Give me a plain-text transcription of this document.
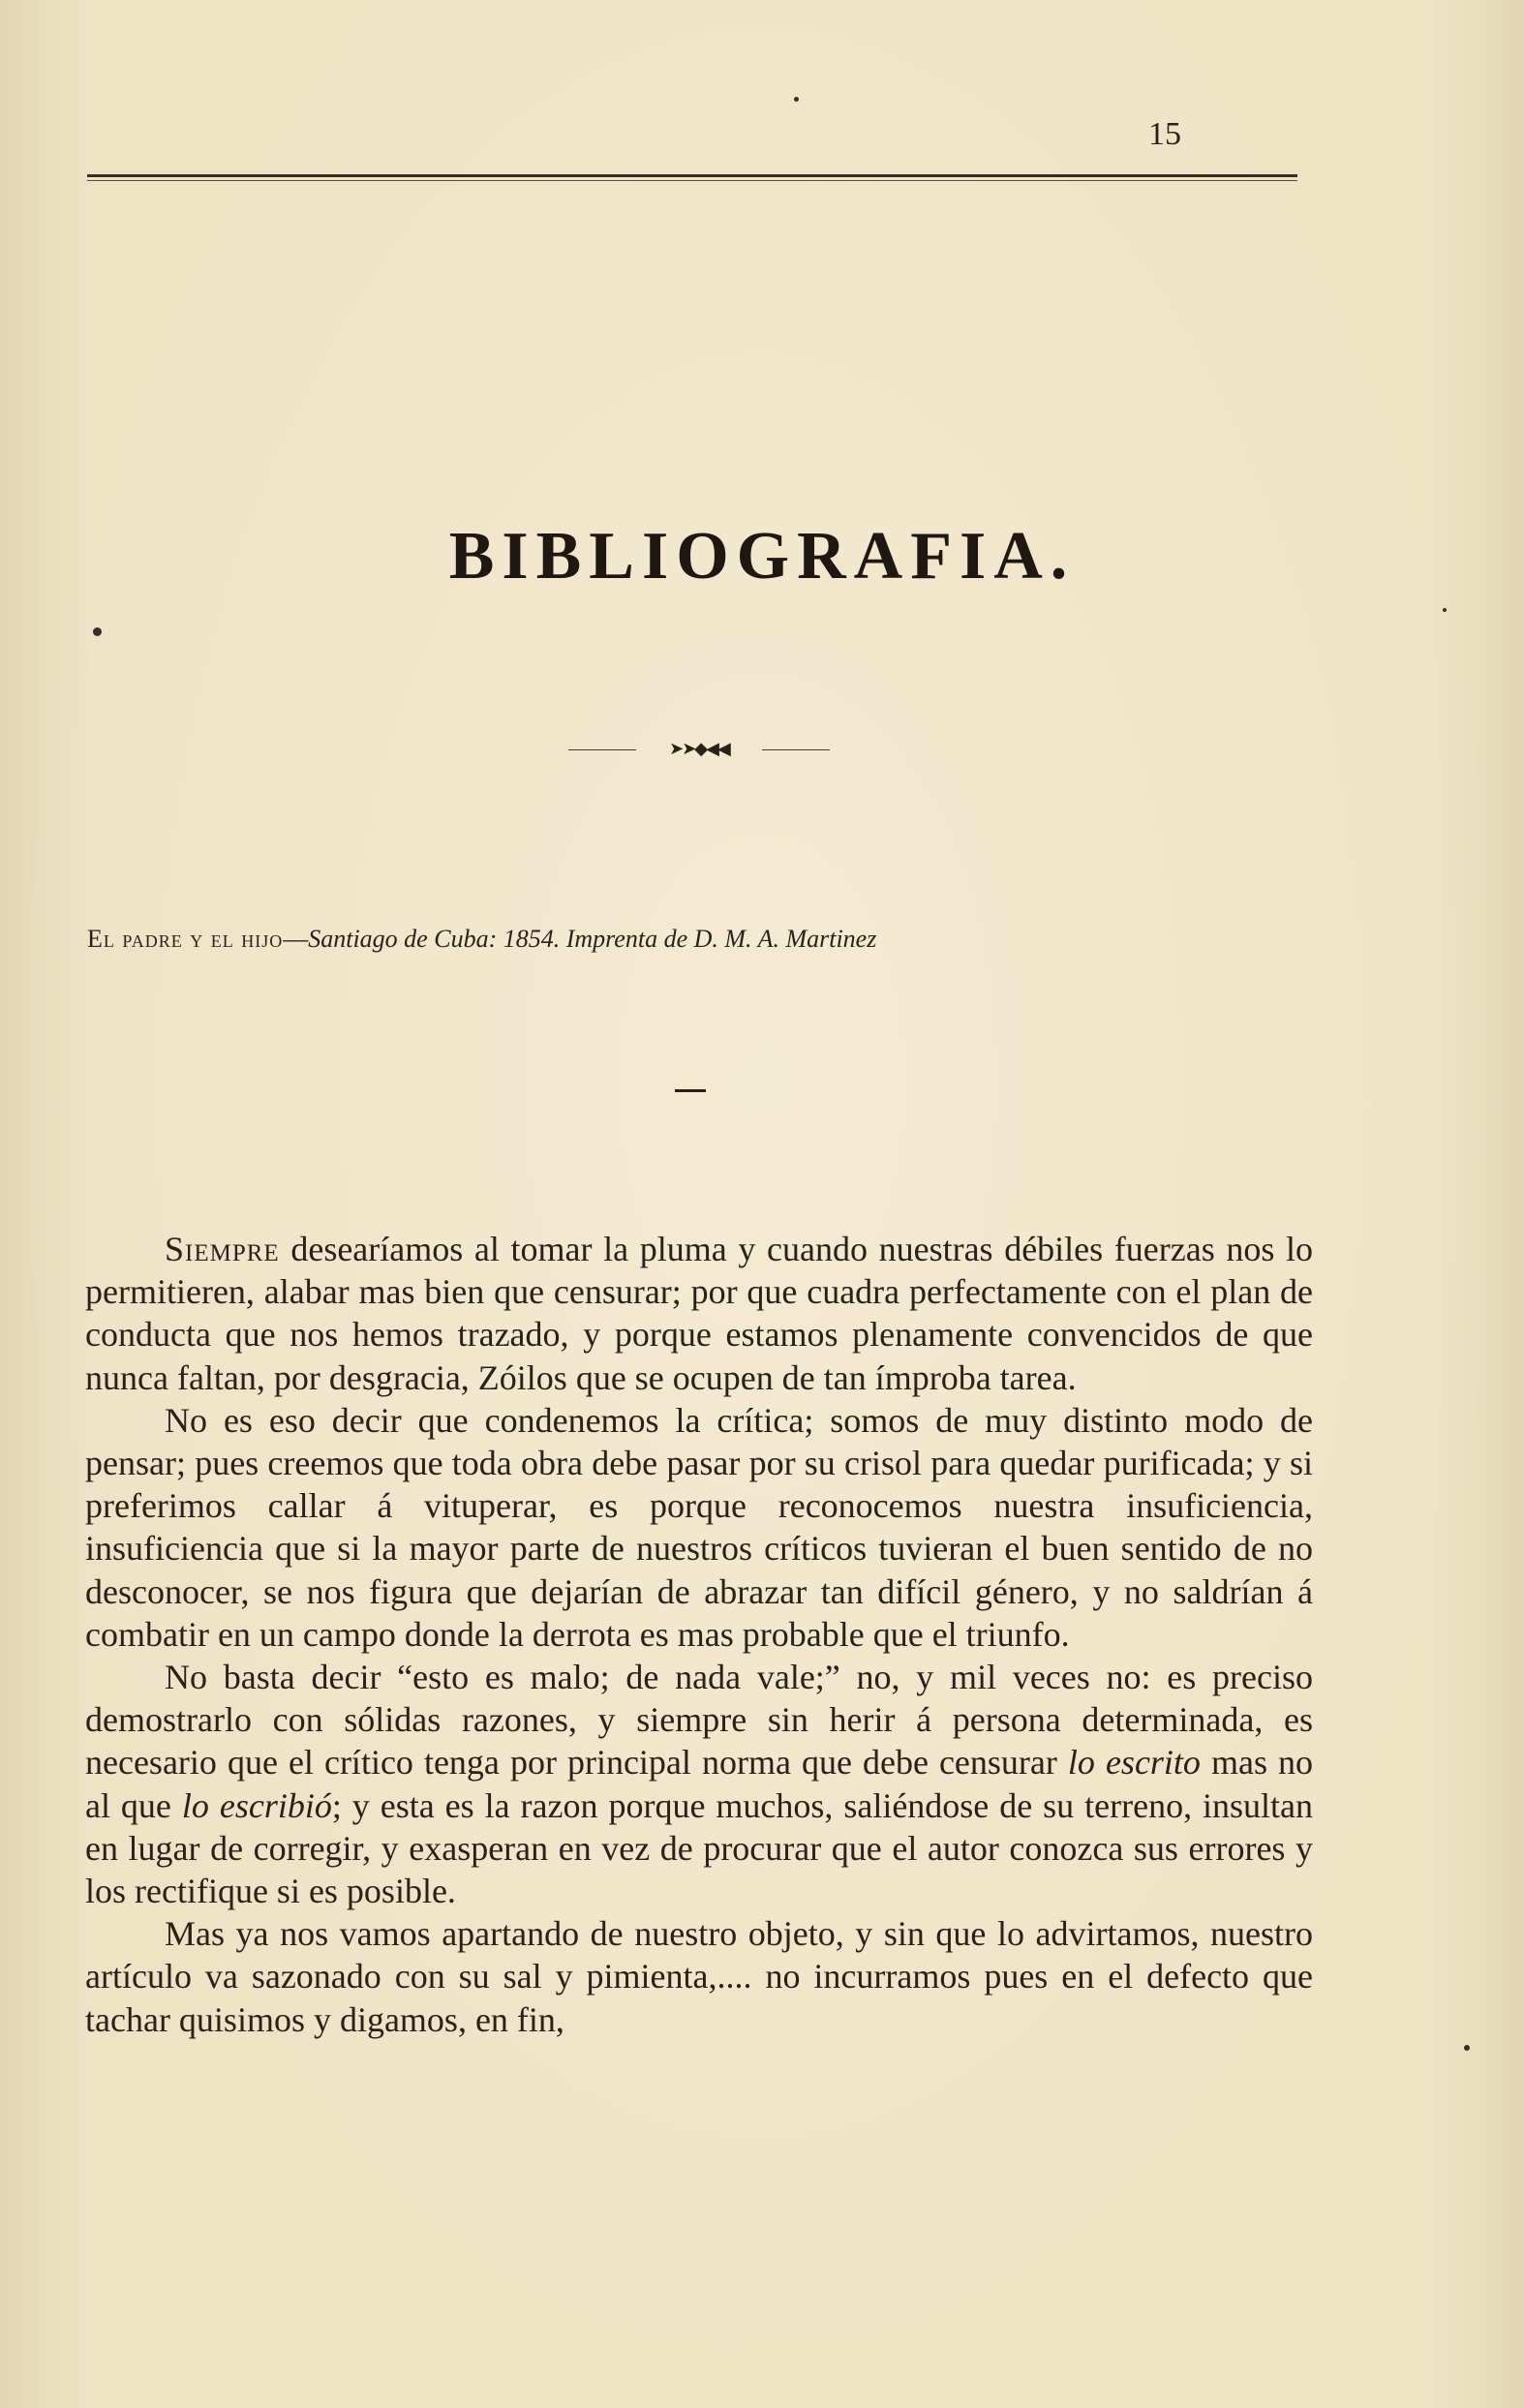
15
BIBLIOGRAFIA.
➤➤◆◀◀
El padre y el hijo—Santiago de Cuba: 1854. Imprenta de D. M. A. Martinez

Siempre desearíamos al tomar la pluma y cuando nuestras débiles fuerzas nos lo permitieren, alabar mas bien que censurar; por que cuadra perfectamente con el plan de conducta que nos hemos trazado, y porque estamos plenamente convencidos de que nunca faltan, por desgracia, Zóilos que se ocupen de tan ímproba tarea.

No es eso decir que condenemos la crítica; somos de muy distinto modo de pensar; pues creemos que toda obra debe pasar por su crisol para quedar purificada; y si preferimos callar á vituperar, es porque reconocemos nuestra insuficiencia, insuficiencia que si la mayor parte de nuestros críticos tuvieran el buen sentido de no desconocer, se nos figura que dejarían de abrazar tan difícil género, y no saldrían á combatir en un campo donde la derrota es mas probable que el triunfo.

No basta decir “esto es malo; de nada vale;” no, y mil veces no: es preciso demostrarlo con sólidas razones, y siempre sin herir á persona determinada, es necesario que el crítico tenga por principal norma que debe censurar lo escrito mas no al que lo escribió; y esta es la razon porque muchos, saliéndose de su terreno, insultan en lugar de corregir, y exasperan en vez de procurar que el autor conozca sus errores y los rectifique si es posible.

Mas ya nos vamos apartando de nuestro objeto, y sin que lo advirtamos, nuestro artículo va sazonado con su sal y pimienta,.... no incurramos pues en el defecto que tachar quisimos y digamos, en fin,
